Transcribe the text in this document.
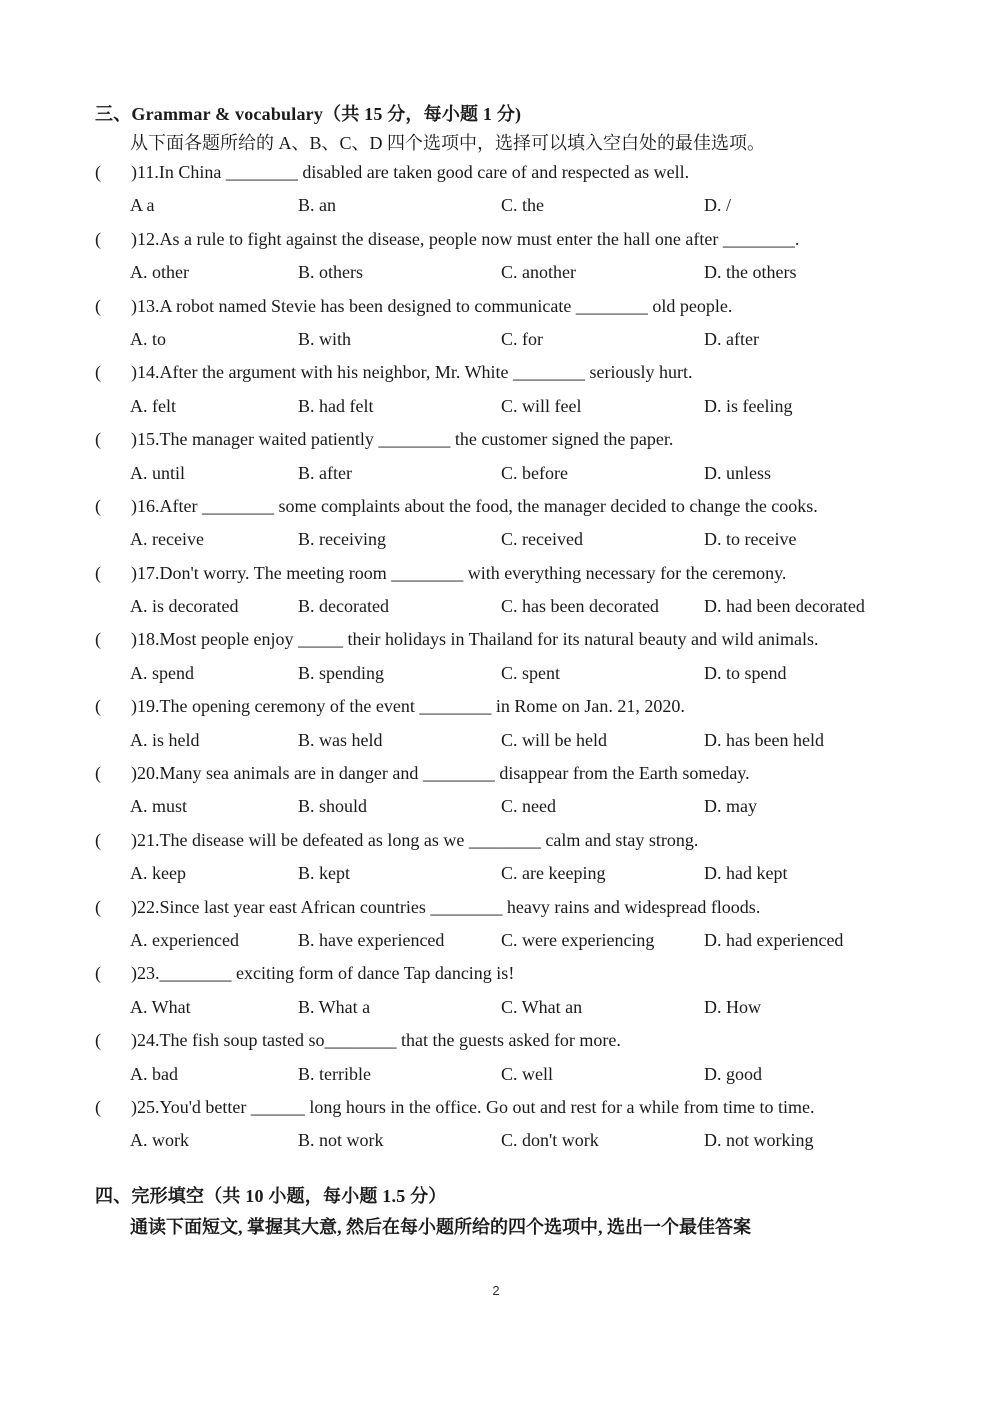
三、Grammar & vocabulary（共 15 分，每小题 1 分)
从下面各题所给的 A、B、C、D 四个选项中，选择可以填入空白处的最佳选项。
( )11.In China ________ disabled are taken good care of and respected as well.
A a	B. an	C. the	D. /
( )12.As a rule to fight against the disease, people now must enter the hall one after ________.
A. other	B. others	C. another	D. the others
( )13.A robot named Stevie has been designed to communicate ________ old people.
A. to	B. with	C. for	D. after
( )14.After the argument with his neighbor, Mr. White ________ seriously hurt.
A. felt	B. had felt	C. will feel	D. is feeling
( )15.The manager waited patiently ________ the customer signed the paper.
A. until	B. after	C. before	D. unless
( )16.After ________ some complaints about the food, the manager decided to change the cooks.
A. receive	B. receiving	C. received	D. to receive
( )17.Don't worry. The meeting room ________ with everything necessary for the ceremony.
A. is decorated	B. decorated	C. has been decorated	D. had been decorated
( )18.Most people enjoy _____ their holidays in Thailand for its natural beauty and wild animals.
A. spend	B. spending	C. spent	D. to spend
( )19.The opening ceremony of the event ________ in Rome on Jan. 21, 2020.
A. is held	B. was held	C. will be held	D. has been held
( )20.Many sea animals are in danger and ________ disappear from the Earth someday.
A. must	B. should	C. need	D. may
( )21.The disease will be defeated as long as we ________ calm and stay strong.
A. keep	B. kept	C. are keeping	D. had kept
( )22.Since last year east African countries ________ heavy rains and widespread floods.
A. experienced	B. have experienced	C. were experiencing	D. had experienced
( )23.________ exciting form of dance Tap dancing is!
A. What	B. What a	C. What an	D. How
( )24.The fish soup tasted so________ that the guests asked for more.
A. bad	B. terrible	C. well	D. good
( )25.You'd better ______ long hours in the office. Go out and rest for a while from time to time.
A. work	B. not work	C. don't work	D. not working
四、完形填空（共 10 小题，每小题 1.5 分）
通读下面短文, 掌握其大意, 然后在每小题所给的四个选项中, 选出一个最佳答案
2
